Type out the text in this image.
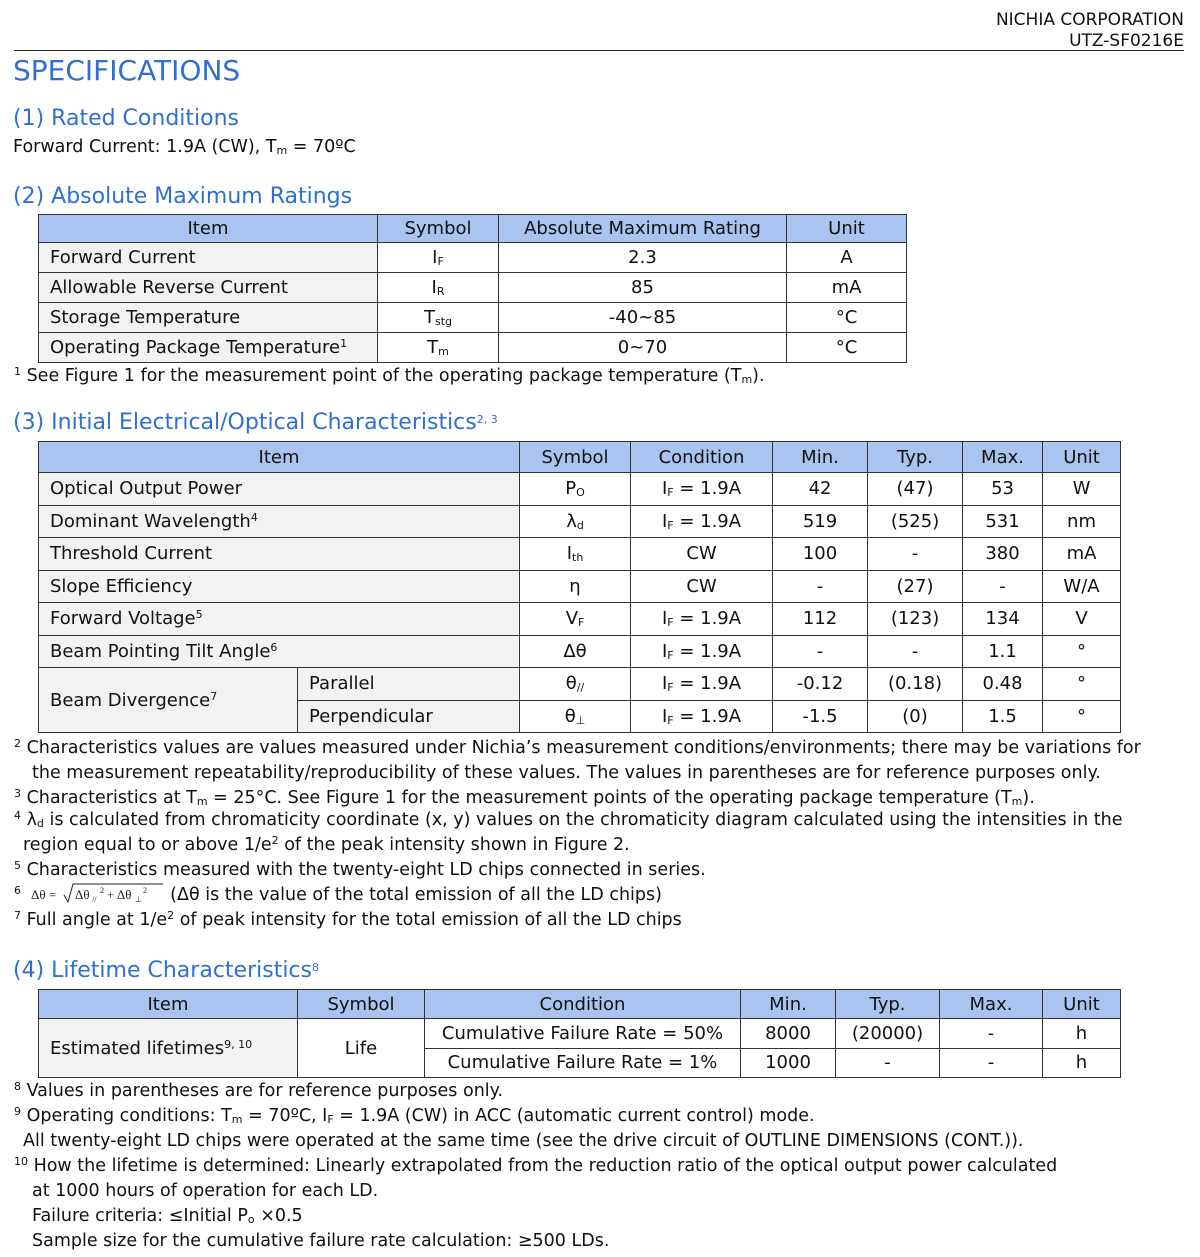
NICHIA CORPORATION
UTZ-SF0216E
SPECIFICATIONS
(1) Rated Conditions
Forward Current: 1.9A (CW), $T_m$ = 70ºC
(2) Absolute Maximum Ratings
Item	Symbol	Absolute Maximum Rating	Unit
Forward Current	$I_F$	2.3	A
Allowable Reverse Current	$I_R$	85	mA
Storage Temperature	$T_{stg}$	-40~85	°C
Operating Package Temperature$^1$	$T_m$	0~70	°C
$^1$ See Figure 1 for the measurement point of the operating package temperature $(T_m)$.
(3) Initial Electrical/Optical Characteristics$^{2, 3}$
Item		Symbol	Condition	Min.	Typ.	Max.	Unit
Optical Output Power		$P_O$	$I_F = 1.9A$	42	(47)	53	W
Dominant Wavelength$^4$		$\lambda_d$	$I_F = 1.9A$	519	(525)	531	nm
Threshold Current		$I_{th}$	CW	100	-	380	mA
Slope Efficiency		η	CW	-	(27)	-	W/A
Forward Voltage$^5$		$V_F$	$I_F = 1.9A$	112	(123)	134	V
Beam Pointing Tilt Angle$^6$		Δθ	$I_F = 1.9A$	-	-	1.1	°
Beam Divergence$^7$	Parallel	$\theta_{//}$	$I_F = 1.9A$	-0.12	(0.18)	0.48	°
	Perpendicular	$\theta_\perp$	$I_F = 1.9A$	-1.5	(0)	1.5	°
$^2$ Characteristics values are values measured under Nichia’s measurement conditions/environments; there may be variations for
the measurement repeatability/reproducibility of these values. The values in parentheses are for reference purposes only.
$^3$ Characteristics at $T_m = 25^\circ C$. See Figure 1 for the measurement points of the operating package temperature $(T_m)$.
$^4$ $\lambda_d$ is calculated from chromaticity coordinate (x, y) values on the chromaticity diagram calculated using the intensities in the
region equal to or above $1/e^2$ of the peak intensity shown in Figure 2.
$^5$ Characteristics measured with the twenty-eight LD chips connected in series.
$^6$ Δθ = Δθ //
2 + Δθ ⊥
2 (Δθ is the value of the total emission of all the LD chips)
$^7$ Full angle at $1/e^2$ of peak intensity for the total emission of all the LD chips
(4) Lifetime Characteristics$^8$
Item	Symbol	Condition	Min.	Typ.	Max.	Unit
Estimated lifetimes$^{9, 10}$	Life	Cumulative Failure Rate = 50%	8000	(20000)	-	h
		Cumulative Failure Rate = 1%	1000	-	-	h
$^8$ Values in parentheses are for reference purposes only.
$^9$ Operating conditions: $T_m$ = 70ºC, $I_F = 1.9A$ (CW) in ACC (automatic current control) mode.
All twenty-eight LD chips were operated at the same time (see the drive circuit of OUTLINE DIMENSIONS (CONT.)).
$^{10}$ How the lifetime is determined: Linearly extrapolated from the reduction ratio of the optical output power calculated
at 1000 hours of operation for each LD.
Failure criteria: ≤Initial $P_o \times 0.5$
Sample size for the cumulative failure rate calculation: ≥500 LDs.
